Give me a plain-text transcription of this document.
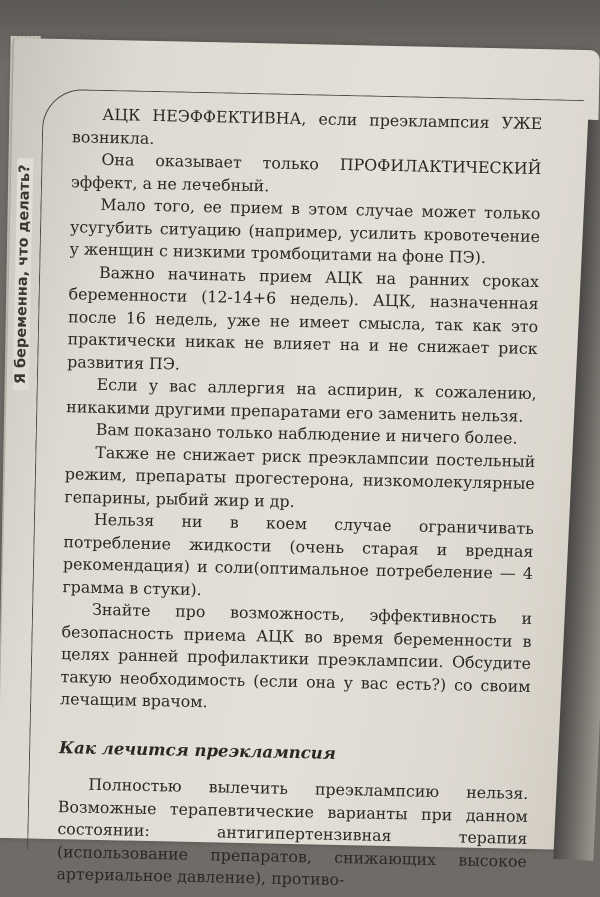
Я беременна, что делать?

АЦК НЕЭФФЕКТИВНА, если преэклампсия УЖЕ возникла.

Она оказывает только ПРОФИЛАКТИЧЕСКИЙ эффект, а не лечебный.

Мало того, ее прием в этом случае может только усугубить ситуацию (например, усилить кровотечение у женщин с низкими тромбоцитами на фоне ПЭ).

Важно начинать прием АЦК на ранних сроках беременности (12-14+6 недель). АЦК, назначенная после 16 недель, уже не имеет смысла, так как это практически никак не влияет на и не снижает риск развития ПЭ.

Если у вас аллергия на аспирин, к сожалению, никакими другими препаратами его заменить нельзя.

Вам показано только наблюдение и ничего более.

Также не снижает риск преэклампсии постельный режим, препараты прогестерона, низкомолекулярные гепарины, рыбий жир и др.

Нельзя ни в коем случае ограничивать потребление жидкости (очень старая и вредная рекомендация) и соли(оптимальное потребеление — 4 грамма в стуки).

Знайте про возможность, эффективность и безопасность приема АЦК во время беременности в целях ранней профилактики преэклампсии. Обсудите такую необходимость (если она у вас есть?) со своим лечащим врачом.

Как лечится преэклампсия

Полностью вылечить преэклампсию нельзя. Возможные терапевтические варианты при данном состоянии: антигипертензивная терапия (использование препаратов, снижающих высокое артериальное давление), противо-
